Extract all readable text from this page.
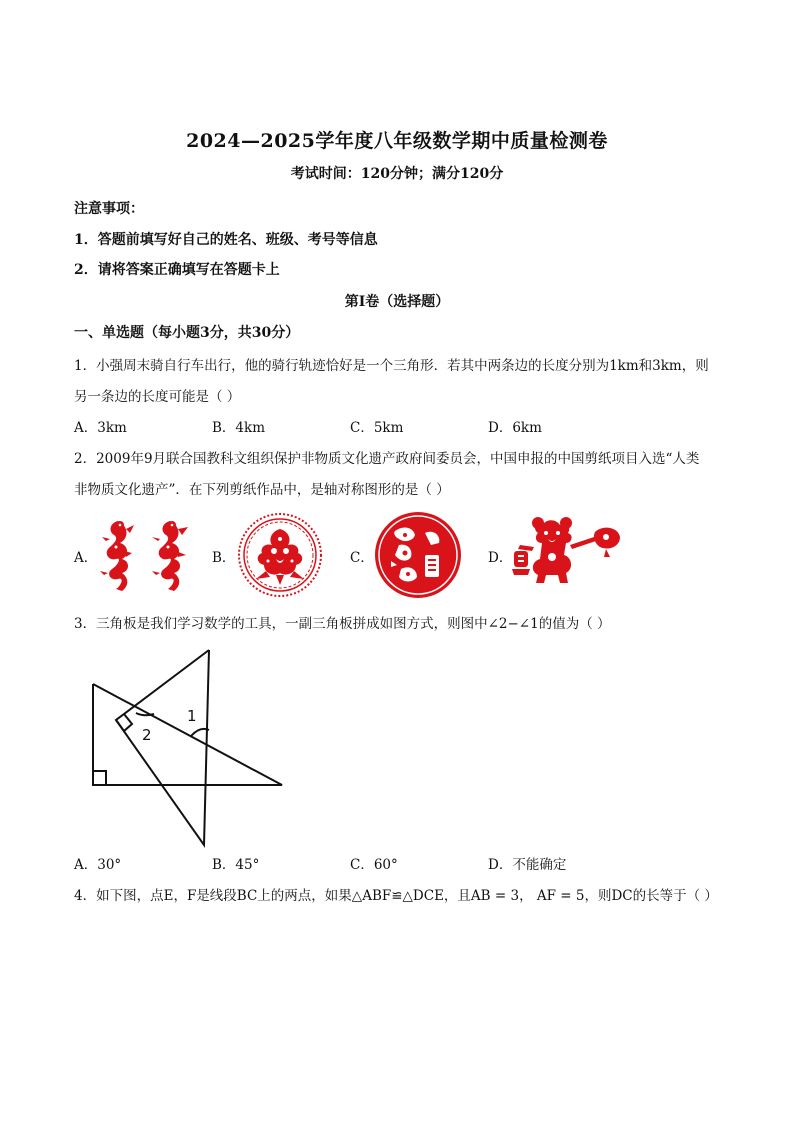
2024—2025学年度八年级数学期中质量检测卷
考试时间：120分钟；满分120分
注意事项：
1．答题前填写好自己的姓名、班级、考号等信息
2．请将答案正确填写在答题卡上
第I卷（选择题）
一、单选题（每小题3分，共30分）
1．小强周末骑自行车出行，他的骑行轨迹恰好是一个三角形．若其中两条边的长度分别为1km和3km，则
另一条边的长度可能是（ ）
A．3km	B．4km	C．5km	D．6km
2．2009年9月联合国教科文组织保护非物质文化遗产政府间委员会，中国申报的中国剪纸项目入选“人类
非物质文化遗产”．在下列剪纸作品中，是轴对称图形的是（ ）
A．	B．	C．	D．
3．三角板是我们学习数学的工具，一副三角板拼成如图方式，则图中∠2−∠1的值为（ ）
2
1
A．30°	B．45°	C．60°	D．不能确定
4．如下图，点E，F是线段BC上的两点，如果△ABF≌△DCE，且AB = 3， AF = 5，则DC的长等于（ ）
